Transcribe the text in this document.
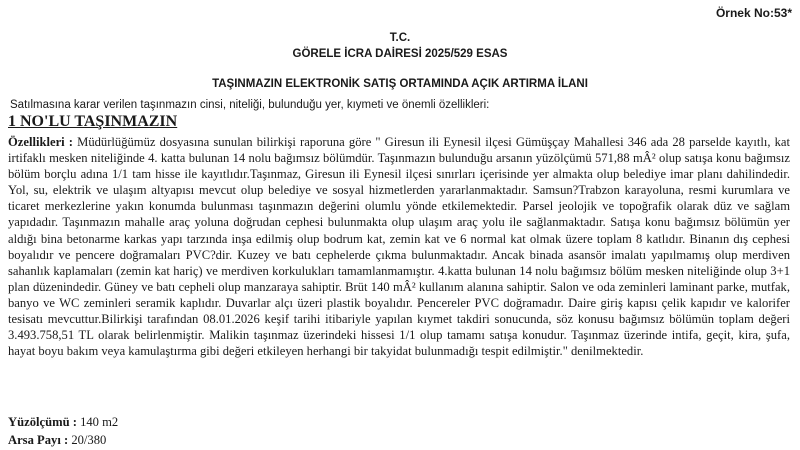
Örnek No:53*
T.C.
GÖRELE İCRA DAİRESİ 2025/529 ESAS
TAŞINMAZIN ELEKTRONİK SATIŞ ORTAMINDA AÇIK ARTIRMA İLANI
Satılmasına karar verilen taşınmazın cinsi, niteliği, bulunduğu yer, kıymeti ve önemli özellikleri:
1 NO'LU TAŞINMAZIN

Özellikleri : Müdürlüğümüz dosyasına sunulan bilirkişi raporuna göre " Giresun ili Eynesil ilçesi Gümüşçay Mahallesi 346 ada 28 parselde kayıtlı, kat irtifaklı mesken niteliğinde 4. katta bulunan 14 nolu bağımsız bölümdür. Taşınmazın bulunduğu arsanın yüzölçümü 571,88 mÂ² olup satışa konu bağımsız bölüm borçlu adına 1/1 tam hisse ile kayıtlıdır.Taşınmaz, Giresun ili Eynesil ilçesi sınırları içerisinde yer almakta olup belediye imar planı dahilindedir. Yol, su, elektrik ve ulaşım altyapısı mevcut olup belediye ve sosyal hizmetlerden yararlanmaktadır. Samsun?Trabzon karayoluna, resmi kurumlara ve ticaret merkezlerine yakın konumda bulunması taşınmazın değerini olumlu yönde etkilemektedir. Parsel jeolojik ve topoğrafik olarak düz ve sağlam yapıdadır. Taşınmazın mahalle araç yoluna doğrudan cephesi bulunmakta olup ulaşım araç yolu ile sağlanmaktadır. Satışa konu bağımsız bölümün yer aldığı bina betonarme karkas yapı tarzında inşa edilmiş olup bodrum kat, zemin kat ve 6 normal kat olmak üzere toplam 8 katlıdır. Binanın dış cephesi boyalıdır ve pencere doğramaları PVC?dir. Kuzey ve batı cephelerde çıkma bulunmaktadır. Ancak binada asansör imalatı yapılmamış olup merdiven sahanlık kaplamaları (zemin kat hariç) ve merdiven korkulukları tamamlanmamıştır. 4.katta bulunan 14 nolu bağımsız bölüm mesken niteliğinde olup 3+1 plan düzenindedir. Güney ve batı cepheli olup manzaraya sahiptir. Brüt 140 mÂ² kullanım alanına sahiptir. Salon ve oda zeminleri laminant parke, mutfak, banyo ve WC zeminleri seramik kaplıdır. Duvarlar alçı üzeri plastik boyalıdır. Pencereler PVC doğramadır. Daire giriş kapısı çelik kapıdır ve kalorifer tesisatı mevcuttur.Bilirkişi tarafından 08.01.2026 keşif tarihi itibariyle yapılan kıymet takdiri sonucunda, söz konusu bağımsız bölümün toplam değeri 3.493.758,51 TL olarak belirlenmiştir. Malikin taşınmaz üzerindeki hissesi 1/1 olup tamamı satışa konudur. Taşınmaz üzerinde intifa, geçit, kira, şufa, hayat boyu bakım veya kamulaştırma gibi değeri etkileyen herhangi bir takyidat bulunmadığı tespit edilmiştir." denilmektedir.

Yüzölçümü : 140 m2
Arsa Payı : 20/380
